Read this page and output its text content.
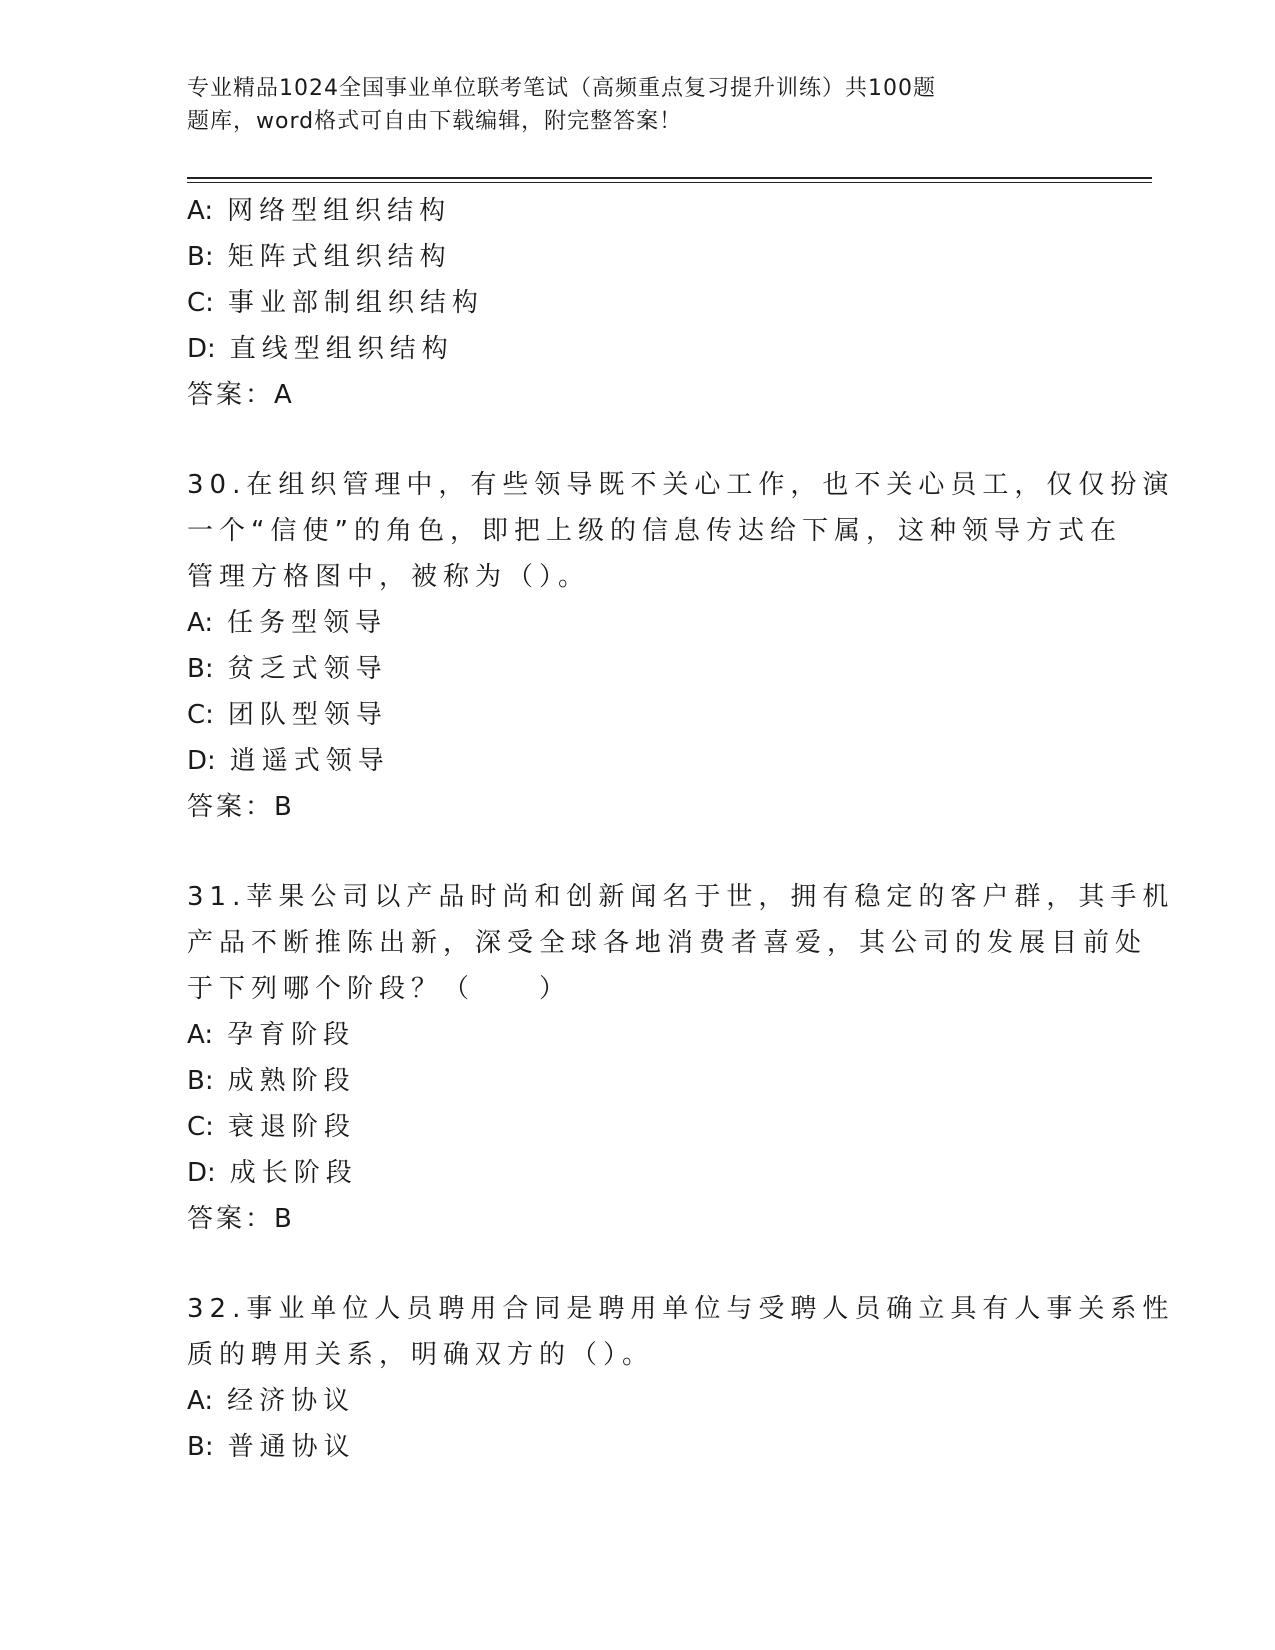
专业精品1024全国事业单位联考笔试（高频重点复习提升训练）共100题
题库，word格式可自由下载编辑，附完整答案！
A: 网络型组织结构
B: 矩阵式组织结构
C: 事业部制组织结构
D: 直线型组织结构
答案：A
30.在组织管理中，有些领导既不关心工作，也不关心员工，仅仅扮演
一个“信使”的角色，即把上级的信息传达给下属，这种领导方式在
管理方格图中，被称为（）。
A: 任务型领导
B: 贫乏式领导
C: 团队型领导
D: 逍遥式领导
答案：B
31.苹果公司以产品时尚和创新闻名于世，拥有稳定的客户群，其手机
产品不断推陈出新，深受全球各地消费者喜爱，其公司的发展目前处
于下列哪个阶段？（　　）
A: 孕育阶段
B: 成熟阶段
C: 衰退阶段
D: 成长阶段
答案：B
32.事业单位人员聘用合同是聘用单位与受聘人员确立具有人事关系性
质的聘用关系，明确双方的（）。
A: 经济协议
B: 普通协议
